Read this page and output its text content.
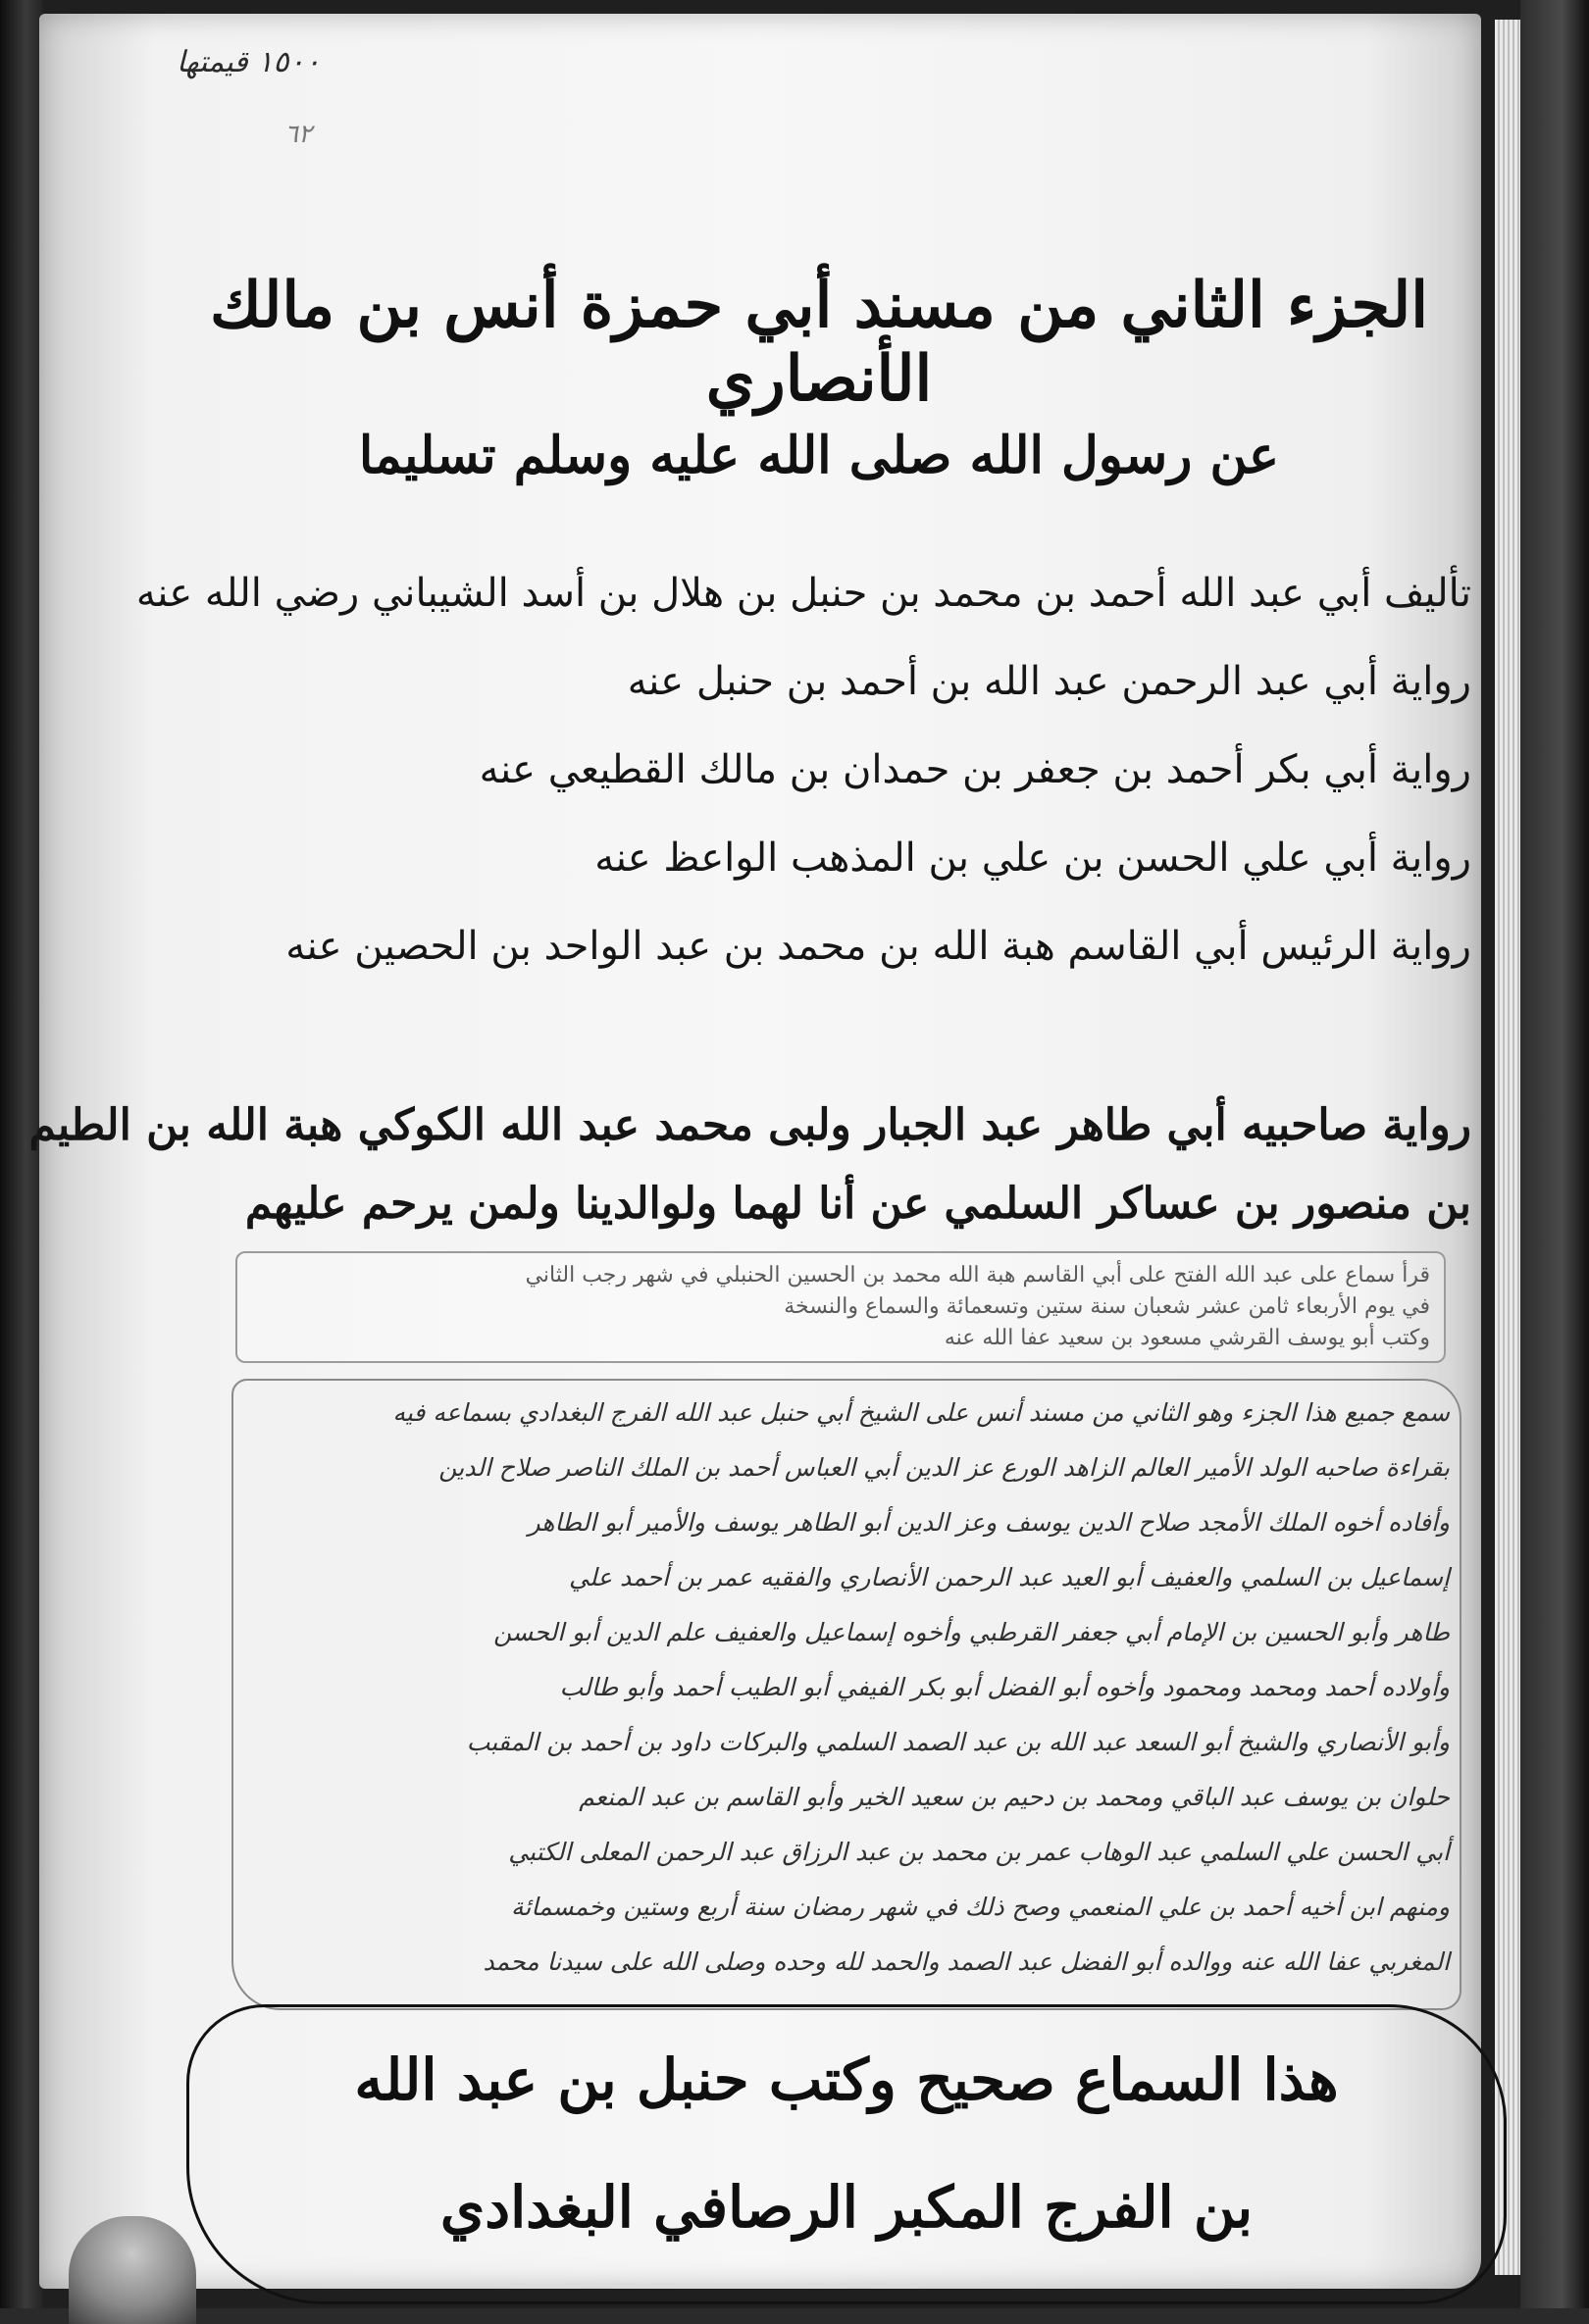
١٥٠٠ قيمتها
٦٢
الجزء الثاني من مسند أبي حمزة أنس بن مالك الأنصاري
عن رسول الله صلى الله عليه وسلم تسليما
تأليف أبي عبد الله أحمد بن محمد بن حنبل بن هلال بن أسد الشيباني رضي الله عنه
رواية أبي عبد الرحمن عبد الله بن أحمد بن حنبل عنه
رواية أبي بكر أحمد بن جعفر بن حمدان بن مالك القطيعي عنه
رواية أبي علي الحسن بن علي بن المذهب الواعظ عنه
رواية الرئيس أبي القاسم هبة الله بن محمد بن عبد الواحد بن الحصين عنه
رواية صاحبيه أبي طاهر عبد الجبار ولبى محمد عبد الله الكوكي هبة الله بن الطيم
بن منصور بن عساكر السلمي عن أنا لهما ولوالدينا ولمن يرحم عليهم
قرأ سماع على عبد الله الفتح على أبي القاسم هبة الله محمد بن الحسين الحنبلي في شهر رجب الثاني
في يوم الأربعاء ثامن عشر شعبان سنة ستين وتسعمائة والسماع والنسخة
وكتب أبو يوسف القرشي مسعود بن سعيد عفا الله عنه
سمع جميع هذا الجزء وهو الثاني من مسند أنس على الشيخ أبي حنبل عبد الله الفرج البغدادي بسماعه فيه
بقراءة صاحبه الولد الأمير العالم الزاهد الورع عز الدين أبي العباس أحمد بن الملك الناصر صلاح الدين
وأفاده أخوه الملك الأمجد صلاح الدين يوسف وعز الدين أبو الطاهر يوسف والأمير أبو الطاهر
إسماعيل بن السلمي والعفيف أبو العيد عبد الرحمن الأنصاري والفقيه عمر بن أحمد علي
طاهر وأبو الحسين بن الإمام أبي جعفر القرطبي وأخوه إسماعيل والعفيف علم الدين أبو الحسن
وأولاده أحمد ومحمد ومحمود وأخوه أبو الفضل أبو بكر الفيفي أبو الطيب أحمد وأبو طالب
وأبو الأنصاري والشيخ أبو السعد عبد الله بن عبد الصمد السلمي والبركات داود بن أحمد بن المقبب
حلوان بن يوسف عبد الباقي ومحمد بن دحيم بن سعيد الخير وأبو القاسم بن عبد المنعم
أبي الحسن علي السلمي عبد الوهاب عمر بن محمد بن عبد الرزاق عبد الرحمن المعلى الكتبي
ومنهم ابن أخيه أحمد بن علي المنعمي وصح ذلك في شهر رمضان سنة أربع وستين وخمسمائة
المغربي عفا الله عنه ووالده أبو الفضل عبد الصمد والحمد لله وحده وصلى الله على سيدنا محمد
هذا السماع صحيح وكتب حنبل بن عبد الله
بن الفرج المكبر الرصافي البغدادي
